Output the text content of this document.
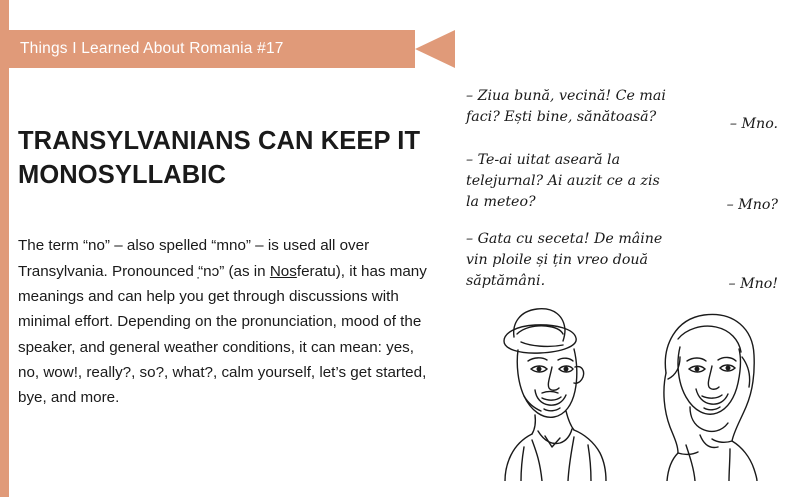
Things I Learned About Romania #17
TRANSYLVANIANS CAN KEEP IT MONOSYLLABIC

The term “no” – also spelled “mno” – is used all over Transylvania. Pronounced “̣nɔ” (as in Nosferatu), it has many meanings and can help you get through discussions with minimal effort. Depending on the pronunciation, mood of the speaker, and general weather conditions, it can mean: yes, no, wow!, really?, so?, what?, calm yourself, let’s get started, bye, and more.

– Ziua bună, vecină! Ce mai faci? Ești bine, sănătoasă?	– Mno.
– Te-ai uitat aseară la telejurnal? Ai auzit ce a zis la meteo?	– Mno?
– Gata cu seceta! De mâine vin ploile și țin vreo două săptămâni.	– Mno!
